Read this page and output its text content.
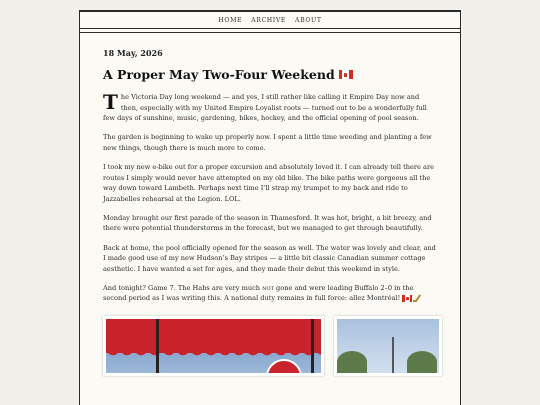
HOME ARCHIVE ABOUT
18 May, 2026
A Proper May Two-Four Weekend

The Victoria Day long weekend — and yes, I still rather like calling it Empire Day now and then, especially with my United Empire Loyalist roots — turned out to be a wonderfully full few days of sunshine, music, gardening, bikes, hockey, and the official opening of pool season.

The garden is beginning to wake up properly now. I spent a little time weeding and planting a few new things, though there is much more to come.

I took my new e-bike out for a proper excursion and absolutely loved it. I can already tell there are routes I simply would never have attempted on my old bike. The bike paths were gorgeous all the way down toward Lambeth. Perhaps next time I’ll strap my trumpet to my back and ride to Jazzabelles rehearsal at the Legion. LOL.

Monday brought our first parade of the season in Thamesford. It was hot, bright, a bit breezy, and there were potential thunderstorms in the forecast, but we managed to get through beautifully.

Back at home, the pool officially opened for the season as well. The water was lovely and clear, and I made good use of my new Hudson’s Bay stripes — a little bit classic Canadian summer cottage aesthetic. I have wanted a set for ages, and they made their debut this weekend in style.

And tonight? Game 7. The Habs are very much not gone and were leading Buffalo 2–0 in the second period as I was writing this. A national duty remains in full force: allez Montréal!
